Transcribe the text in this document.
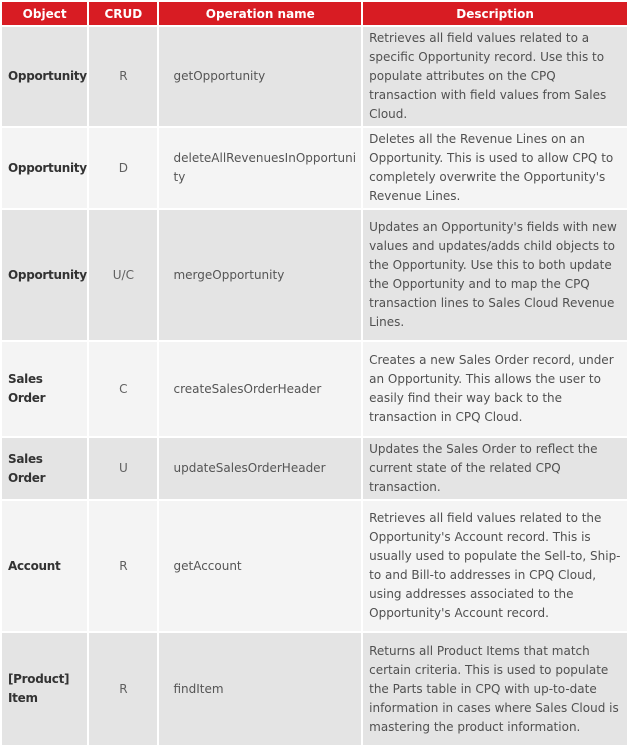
Object	CRUD	Operation name	Description
Opportunity	R	getOpportunity	Retrieves all field values related to a specific Opportunity record. Use this to populate attributes on the CPQ transaction with field values from Sales Cloud.
Opportunity	D	deleteAllRevenuesInOpportunity	Deletes all the Revenue Lines on an Opportunity. This is used to allow CPQ to completely overwrite the Opportunity's Revenue Lines.
Opportunity	U/C	mergeOpportunity	Updates an Opportunity's fields with new values and updates/adds child objects to the Opportunity. Use this to both update the Opportunity and to map the CPQ transaction lines to Sales Cloud Revenue Lines.
Sales Order	C	createSalesOrderHeader	Creates a new Sales Order record, under an Opportunity. This allows the user to easily find their way back to the transaction in CPQ Cloud.
Sales Order	U	updateSalesOrderHeader	Updates the Sales Order to reflect the current state of the related CPQ transaction.
Account	R	getAccount	Retrieves all field values related to the Opportunity's Account record. This is usually used to populate the Sell-to, Ship-to and Bill-to addresses in CPQ Cloud, using addresses associated to the Opportunity's Account record.
[Product] Item	R	findItem	Returns all Product Items that match certain criteria. This is used to populate the Parts table in CPQ with up-to-date information in cases where Sales Cloud is mastering the product information.
